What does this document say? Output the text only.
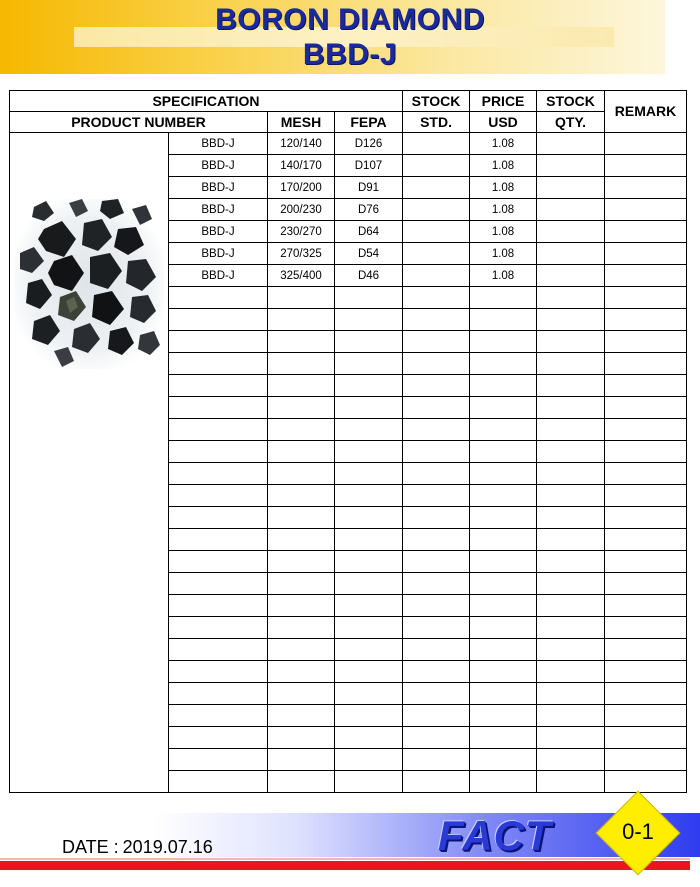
BORON DIAMOND
BBD-J
SPECIFICATION				STOCK	PRICE	STOCK	REMARK
PRODUCT NUMBER		MESH	FEPA	STD.	USD	QTY.	

	BBD-J	120/140	D126		1.08		
	BBD-J	140/170	D107		1.08		
	BBD-J	170/200	D91		1.08		
	BBD-J	200/230	D76		1.08		
	BBD-J	230/270	D64		1.08		
	BBD-J	270/325	D54		1.08		
	BBD-J	325/400	D46		1.08		

DATE : 2019.07.16	FACT	0-1
